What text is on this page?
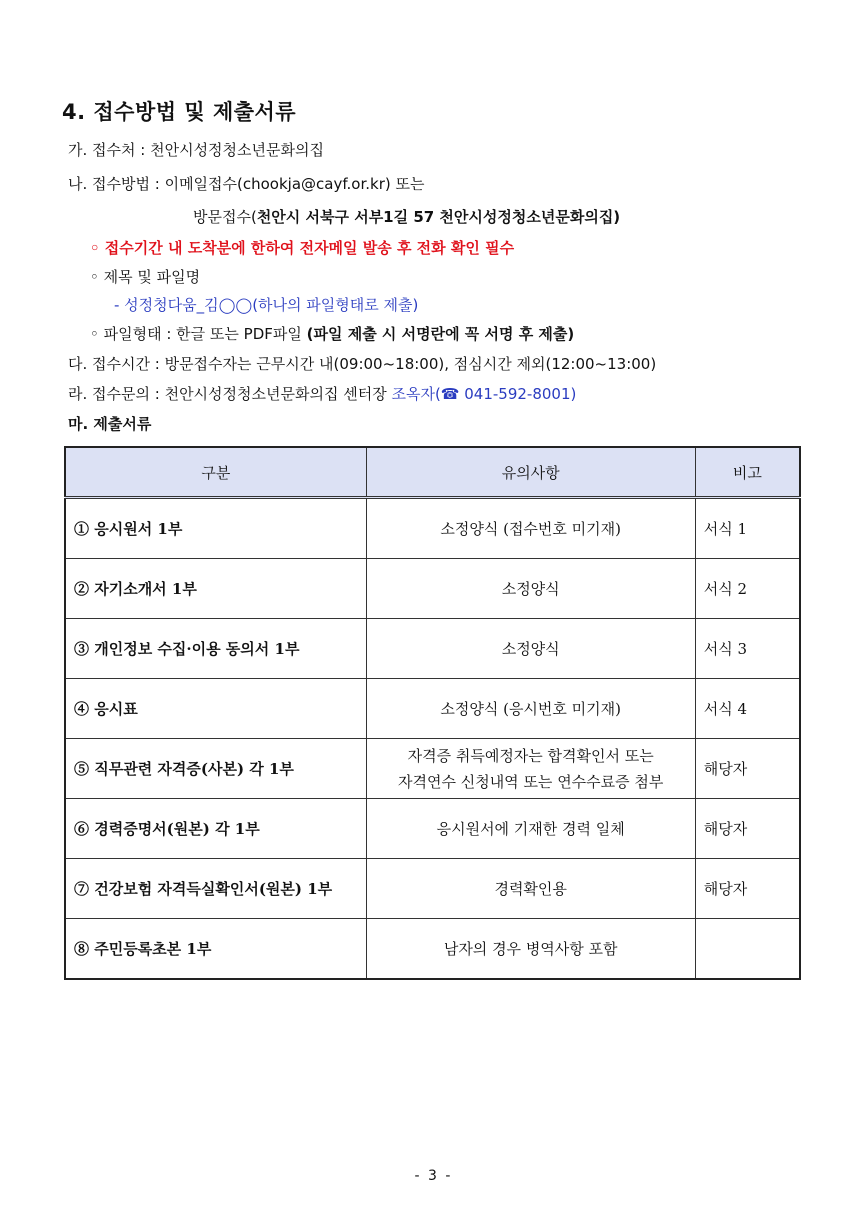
4. 접수방법 및 제출서류
가. 접수처 : 천안시성정청소년문화의집
나. 접수방법 : 이메일접수(chookja@cayf.or.kr) 또는
방문접수(천안시 서북구 서부1길 57 천안시성정청소년문화의집)
◦ 접수기간 내 도착분에 한하여 전자메일 발송 후 전화 확인 필수
◦ 제목 및 파일명
- 성정청다움_김◯◯(하나의 파일형태로 제출)
◦ 파일형태 : 한글 또는 PDF파일 (파일 제출 시 서명란에 꼭 서명 후 제출)
다. 접수시간 : 방문접수자는 근무시간 내(09:00~18:00), 점심시간 제외(12:00~13:00)
라. 접수문의 : 천안시성정청소년문화의집 센터장 조옥자(☎ 041-592-8001)
마. 제출서류
구분	유의사항	비고
① 응시원서 1부	소정양식 (접수번호 미기재)	서식 1
② 자기소개서 1부	소정양식	서식 2
③ 개인정보 수집·이용 동의서 1부	소정양식	서식 3
④ 응시표	소정양식 (응시번호 미기재)	서식 4
⑤ 직무관련 자격증(사본) 각 1부	자격증 취득예정자는 합격확인서 또는
자격연수 신청내역 또는 연수수료증 첨부	해당자
⑥ 경력증명서(원본) 각 1부	응시원서에 기재한 경력 일체	해당자
⑦ 건강보험 자격득실확인서(원본) 1부	경력확인용	해당자
⑧ 주민등록초본 1부	남자의 경우 병역사항 포함	
- 3 -
